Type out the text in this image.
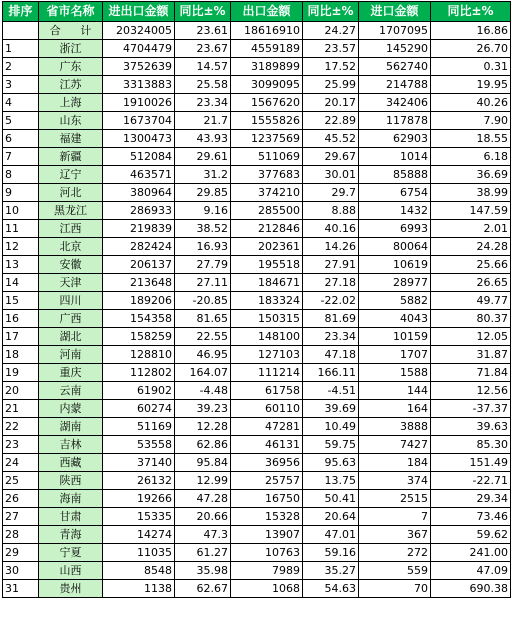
排序	省市名称	进出口金额	同比±%	出口金额	同比±%	进口金额	同比±%
	合 计	20324005	23.61	18616910	24.27	1707095	16.86
1	浙江	4704479	23.67	4559189	23.57	145290	26.70
2	广东	3752639	14.57	3189899	17.52	562740	0.31
3	江苏	3313883	25.58	3099095	25.99	214788	19.95
4	上海	1910026	23.34	1567620	20.17	342406	40.26
5	山东	1673704	21.7	1555826	22.89	117878	7.90
6	福建	1300473	43.93	1237569	45.52	62903	18.55
7	新疆	512084	29.61	511069	29.67	1014	6.18
8	辽宁	463571	31.2	377683	30.01	85888	36.69
9	河北	380964	29.85	374210	29.7	6754	38.99
10	黑龙江	286933	9.16	285500	8.88	1432	147.59
11	江西	219839	38.52	212846	40.16	6993	2.01
12	北京	282424	16.93	202361	14.26	80064	24.28
13	安徽	206137	27.79	195518	27.91	10619	25.66
14	天津	213648	27.11	184671	27.18	28977	26.65
15	四川	189206	-20.85	183324	-22.02	5882	49.77
16	广西	154358	81.65	150315	81.69	4043	80.37
17	湖北	158259	22.55	148100	23.34	10159	12.05
18	河南	128810	46.95	127103	47.18	1707	31.87
19	重庆	112802	164.07	111214	166.11	1588	71.84
20	云南	61902	-4.48	61758	-4.51	144	12.56
21	内蒙	60274	39.23	60110	39.69	164	-37.37
22	湖南	51169	12.28	47281	10.49	3888	39.63
23	吉林	53558	62.86	46131	59.75	7427	85.30
24	西藏	37140	95.84	36956	95.63	184	151.49
25	陕西	26132	12.99	25757	13.75	374	-22.71
26	海南	19266	47.28	16750	50.41	2515	29.34
27	甘肃	15335	20.66	15328	20.64	7	73.46
28	青海	14274	47.3	13907	47.01	367	59.62
29	宁夏	11035	61.27	10763	59.16	272	241.00
30	山西	8548	35.98	7989	35.27	559	47.09
31	贵州	1138	62.67	1068	54.63	70	690.38
